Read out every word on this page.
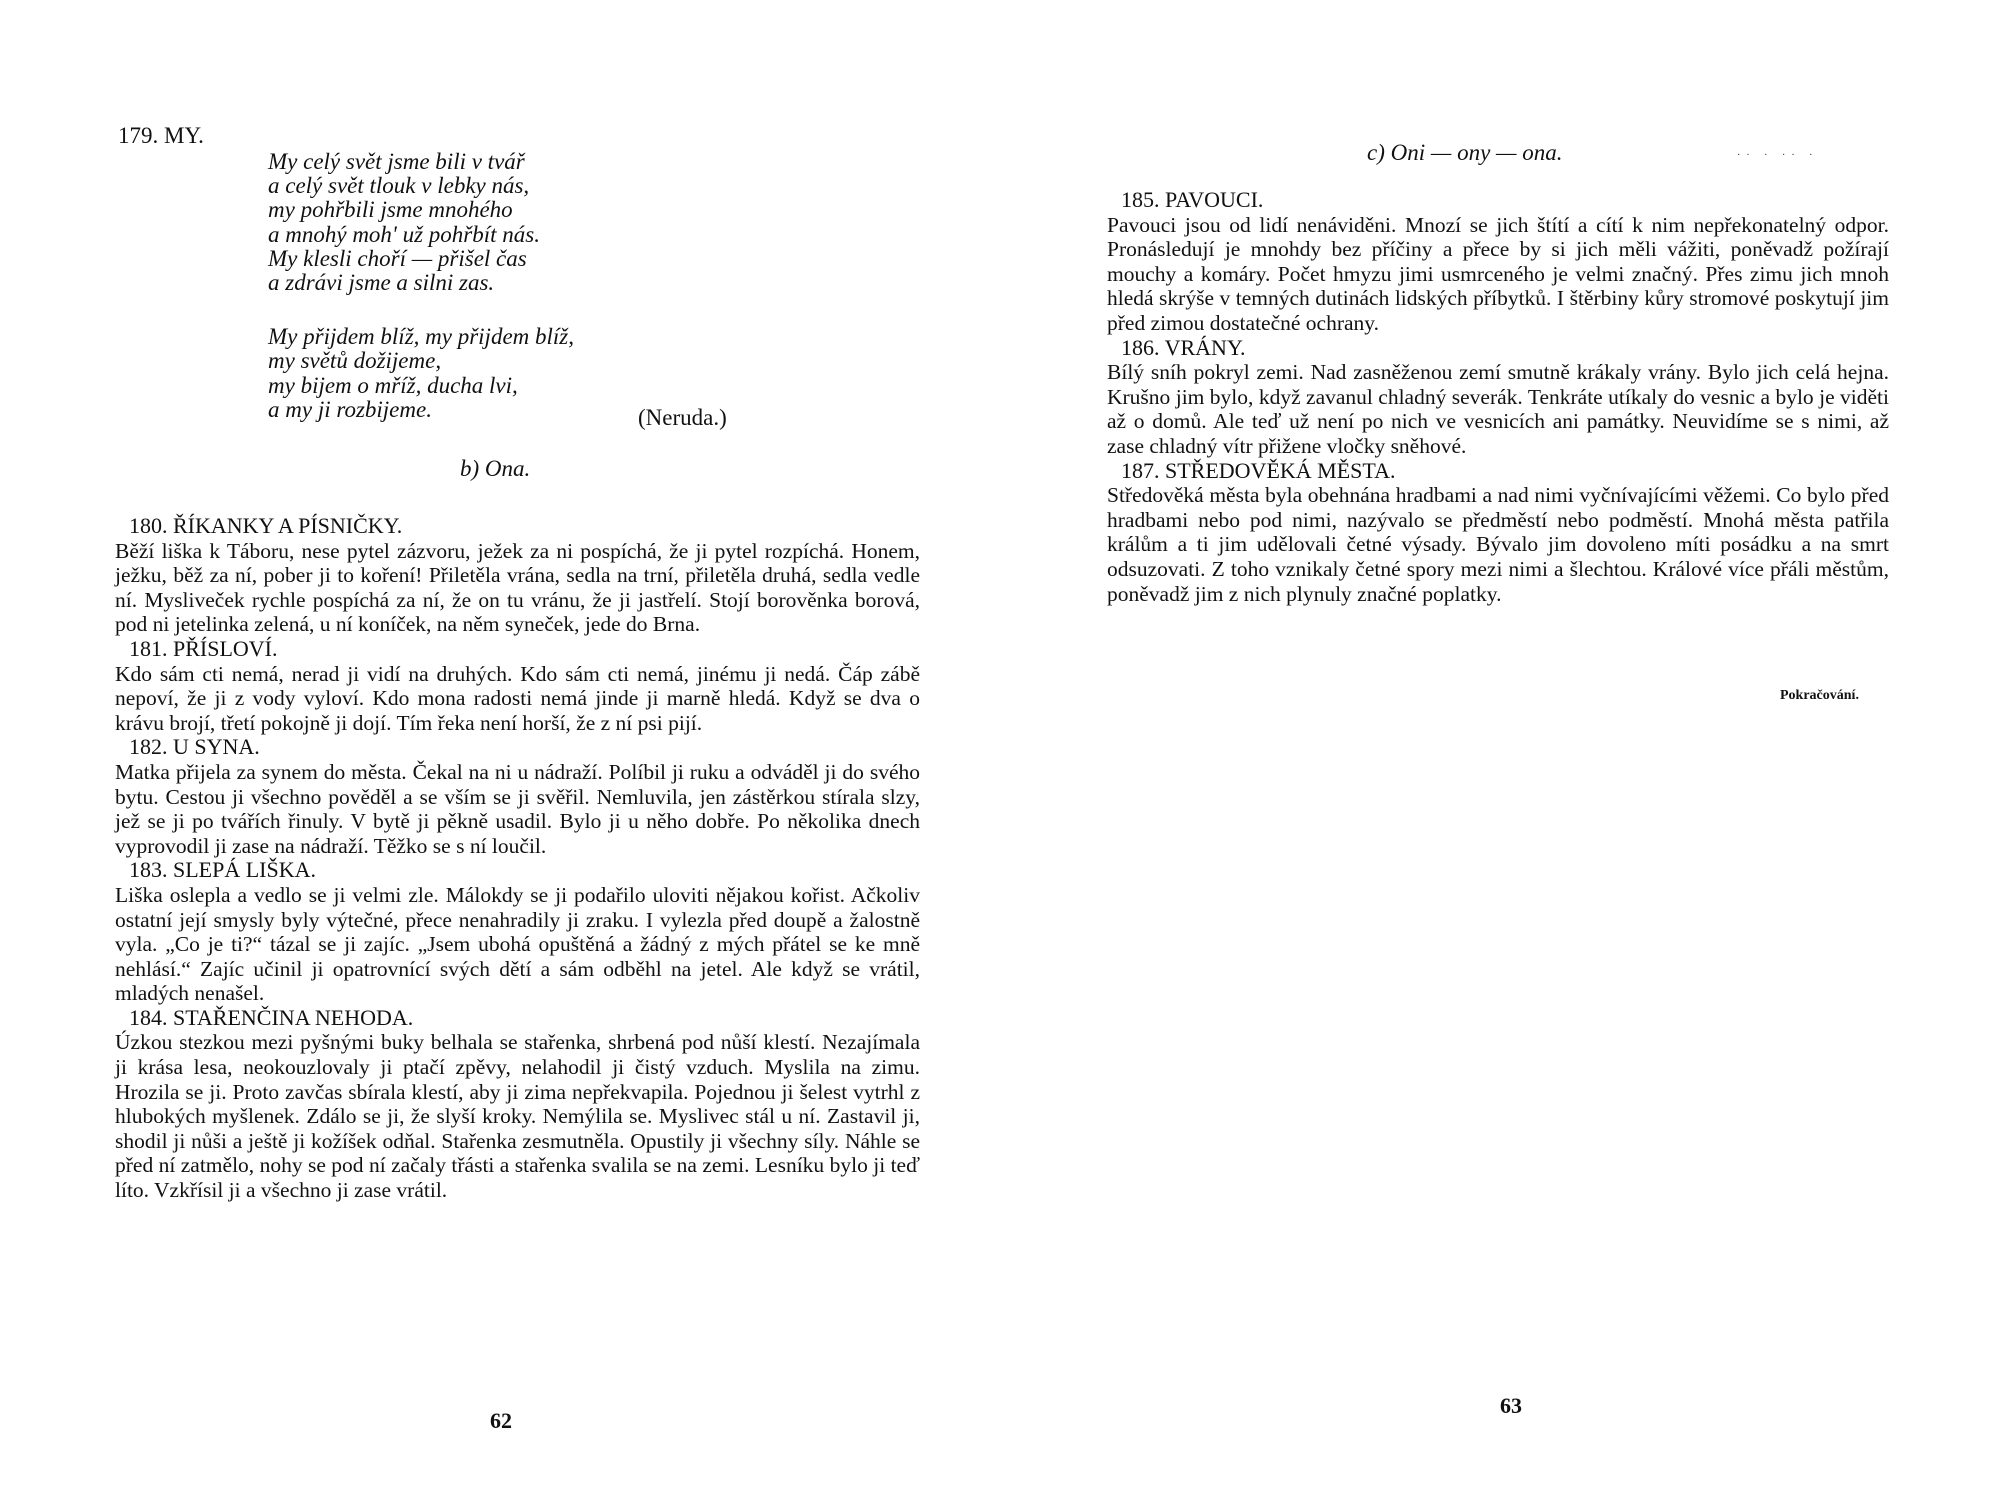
179. MY.
My celý svět jsme bili v tvář
a celý svět tlouk v lebky nás,
my pohřbili jsme mnohého
a mnohý moh' už pohřbít nás.
My klesli choří — přišel čas
a zdrávi jsme a silni zas.
My přijdem blíž, my přijdem blíž,
my světů dožijeme,
my bijem o mříž, ducha lvi,
a my ji rozbijeme.	(Neruda.)
b) Ona.
180. ŘÍKANKY A PÍSNIČKY.

Běží liška k Táboru, nese pytel zázvoru, ježek za ni pospíchá, že ji pytel rozpíchá. Honem, ježku, běž za ní, pober ji to koření! Přiletěla vrána, sedla na trní, přiletěla druhá, sedla vedle ní. Mysliveček rychle pospíchá za ní, že on tu vránu, že ji jastřelí. Stojí borověnka borová, pod ni jetelinka zelená, u ní koníček, na něm syneček, jede do Brna.

181. PŘÍSLOVÍ.

Kdo sám cti nemá, nerad ji vidí na druhých. Kdo sám cti nemá, jinému ji nedá. Čáp zábě nepoví, že ji z vody vyloví. Kdo mona radosti nemá jinde ji marně hledá. Když se dva o krávu brojí, třetí pokojně ji dojí. Tím řeka není horší, že z ní psi pijí.

182. U SYNA.

Matka přijela za synem do města. Čekal na ni u nádraží. Políbil ji ruku a odváděl ji do svého bytu. Cestou ji všechno pověděl a se vším se ji svěřil. Nemluvila, jen zástěrkou stírala slzy, jež se ji po tvářích řinuly. V bytě ji pěkně usadil. Bylo ji u něho dobře. Po několika dnech vyprovodil ji zase na nádraží. Těžko se s ní loučil.

183. SLEPÁ LIŠKA.

Liška oslepla a vedlo se ji velmi zle. Málokdy se ji podařilo uloviti nějakou kořist. Ačkoliv ostatní její smysly byly výtečné, přece nenahradily ji zraku. I vylezla před doupě a žalostně vyla. „Co je ti?“ tázal se ji zajíc. „Jsem ubohá opuštěná a žádný z mých přátel se ke mně nehlásí.“ Zajíc učinil ji opatrovnící svých dětí a sám odběhl na jetel. Ale když se vrátil, mladých nenašel.

184. STAŘENČINA NEHODA.

Úzkou stezkou mezi pyšnými buky belhala se stařenka, shrbená pod nůší klestí. Nezajímala ji krása lesa, neokouzlovaly ji ptačí zpěvy, nelahodil ji čistý vzduch. Myslila na zimu. Hrozila se ji. Proto zavčas sbírala klestí, aby ji zima nepřekvapila. Pojednou ji šelest vytrhl z hlubokých myšlenek. Zdálo se ji, že slyší kroky. Nemýlila se. Myslivec stál u ní. Zastavil ji, shodil ji nůši a ještě ji kožíšek odňal. Stařenka zesmutněla. Opustily ji všechny síly. Náhle se před ní zatmělo, nohy se pod ní začaly třásti a stařenka svalila se na zemi. Lesníku bylo ji teď líto. Vzkřísil ji a všechno ji zase vrátil.

62
c) Oni — ony — ona.	·· · ·· ·
185. PAVOUCI.

Pavouci jsou od lidí nenáviděni. Mnozí se jich štítí a cítí k nim nepřekonatelný odpor. Pronásledují je mnohdy bez příčiny a přece by si jich měli vážiti, poněvadž požírají mouchy a komáry. Počet hmyzu jimi usmrceného je velmi značný. Přes zimu jich mnoh hledá skrýše v temných dutinách lidských příbytků. I štěrbiny kůry stromové poskytují jim před zimou dostatečné ochrany.

186. VRÁNY.

Bílý sníh pokryl zemi. Nad zasněženou zemí smutně krákaly vrány. Bylo jich celá hejna. Krušno jim bylo, když zavanul chladný severák. Tenkráte utíkaly do vesnic a bylo je viděti až o domů. Ale teď už není po nich ve vesnicích ani památky. Neuvidíme se s nimi, až zase chladný vítr přižene vločky sněhové.

187. STŘEDOVĚKÁ MĚSTA.

Středověká města byla obehnána hradbami a nad nimi vyčnívajícími věžemi. Co bylo před hradbami nebo pod nimi, nazývalo se předměstí nebo podměstí. Mnohá města patřila králům a ti jim udělovali četné výsady. Bývalo jim dovoleno míti posádku a na smrt odsuzovati. Z toho vznikaly četné spory mezi nimi a šlechtou. Králové více přáli městům, poněvadž jim z nich plynuly značné poplatky.

Pokračování.
63
